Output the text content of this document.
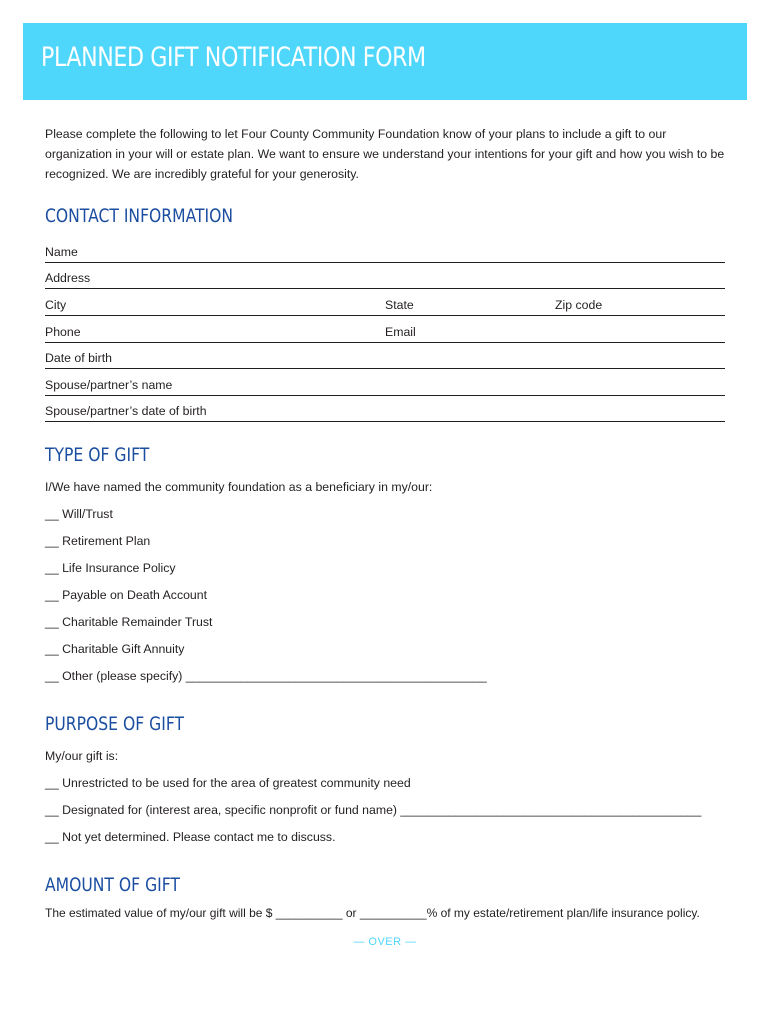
PLANNED GIFT NOTIFICATION FORM

Please complete the following to let Four County Community Foundation know of your plans to include a gift to our organization in your will or estate plan. We want to ensure we understand your intentions for your gift and how you wish to be recognized. We are incredibly grateful for your generosity.

CONTACT INFORMATION
Name
Address
City	State	Zip code
Phone	Email
Date of birth
Spouse/partner’s name
Spouse/partner’s date of birth
TYPE OF GIFT
I/We have named the community foundation as a beneficiary in my/our:
__ Will/Trust
__ Retirement Plan
__ Life Insurance Policy
__ Payable on Death Account
__ Charitable Remainder Trust
__ Charitable Gift Annuity
__ Other (please specify) ____________________________________________
PURPOSE OF GIFT
My/our gift is:
__ Unrestricted to be used for the area of greatest community need
__ Designated for (interest area, specific nonprofit or fund name) ____________________________________________
__ Not yet determined. Please contact me to discuss.
AMOUNT OF GIFT
The estimated value of my/our gift will be $ __________ or __________% of my estate/retirement plan/life insurance policy.
— OVER —
